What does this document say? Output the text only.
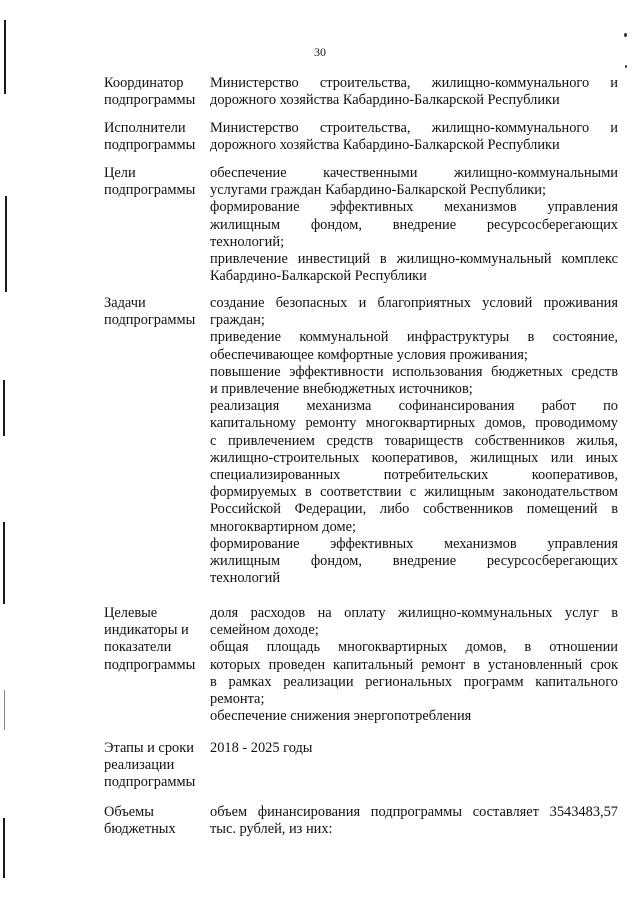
30
Координатор
подпрограммы
Министерство строительства, жилищно-коммунального и
дорожного хозяйства Кабардино-Балкарской Республики
Исполнители
подпрограммы
Министерство строительства, жилищно-коммунального и
дорожного хозяйства Кабардино-Балкарской Республики
Цели
подпрограммы
обеспечение качественными жилищно-коммунальными
услугами граждан Кабардино-Балкарской Республики;
формирование эффективных механизмов управления
жилищным фондом, внедрение ресурсосберегающих
технологий;
привлечение инвестиций в жилищно-коммунальный комплекс
Кабардино-Балкарской Республики
Задачи
подпрограммы
создание безопасных и благоприятных условий проживания
граждан;
приведение коммунальной инфраструктуры в состояние,
обеспечивающее комфортные условия проживания;
повышение эффективности использования бюджетных средств
и привлечение внебюджетных источников;
реализация механизма софинансирования работ по
капитальному ремонту многоквартирных домов, проводимому
с привлечением средств товариществ собственников жилья,
жилищно-строительных кооперативов, жилищных или иных
специализированных потребительских кооперативов,
формируемых в соответствии с жилищным законодательством
Российской Федерации, либо собственников помещений в
многоквартирном доме;
формирование эффективных механизмов управления
жилищным фондом, внедрение ресурсосберегающих
технологий
Целевые
индикаторы и
показатели
подпрограммы
доля расходов на оплату жилищно-коммунальных услуг в
семейном доходе;
общая площадь многоквартирных домов, в отношении
которых проведен капитальный ремонт в установленный срок
в рамках реализации региональных программ капитального
ремонта;
обеспечение снижения энергопотребления
Этапы и сроки
реализации
подпрограммы
2018 - 2025 годы
Объемы
бюджетных
объем финансирования подпрограммы составляет 3543483,57
тыс. рублей, из них:
